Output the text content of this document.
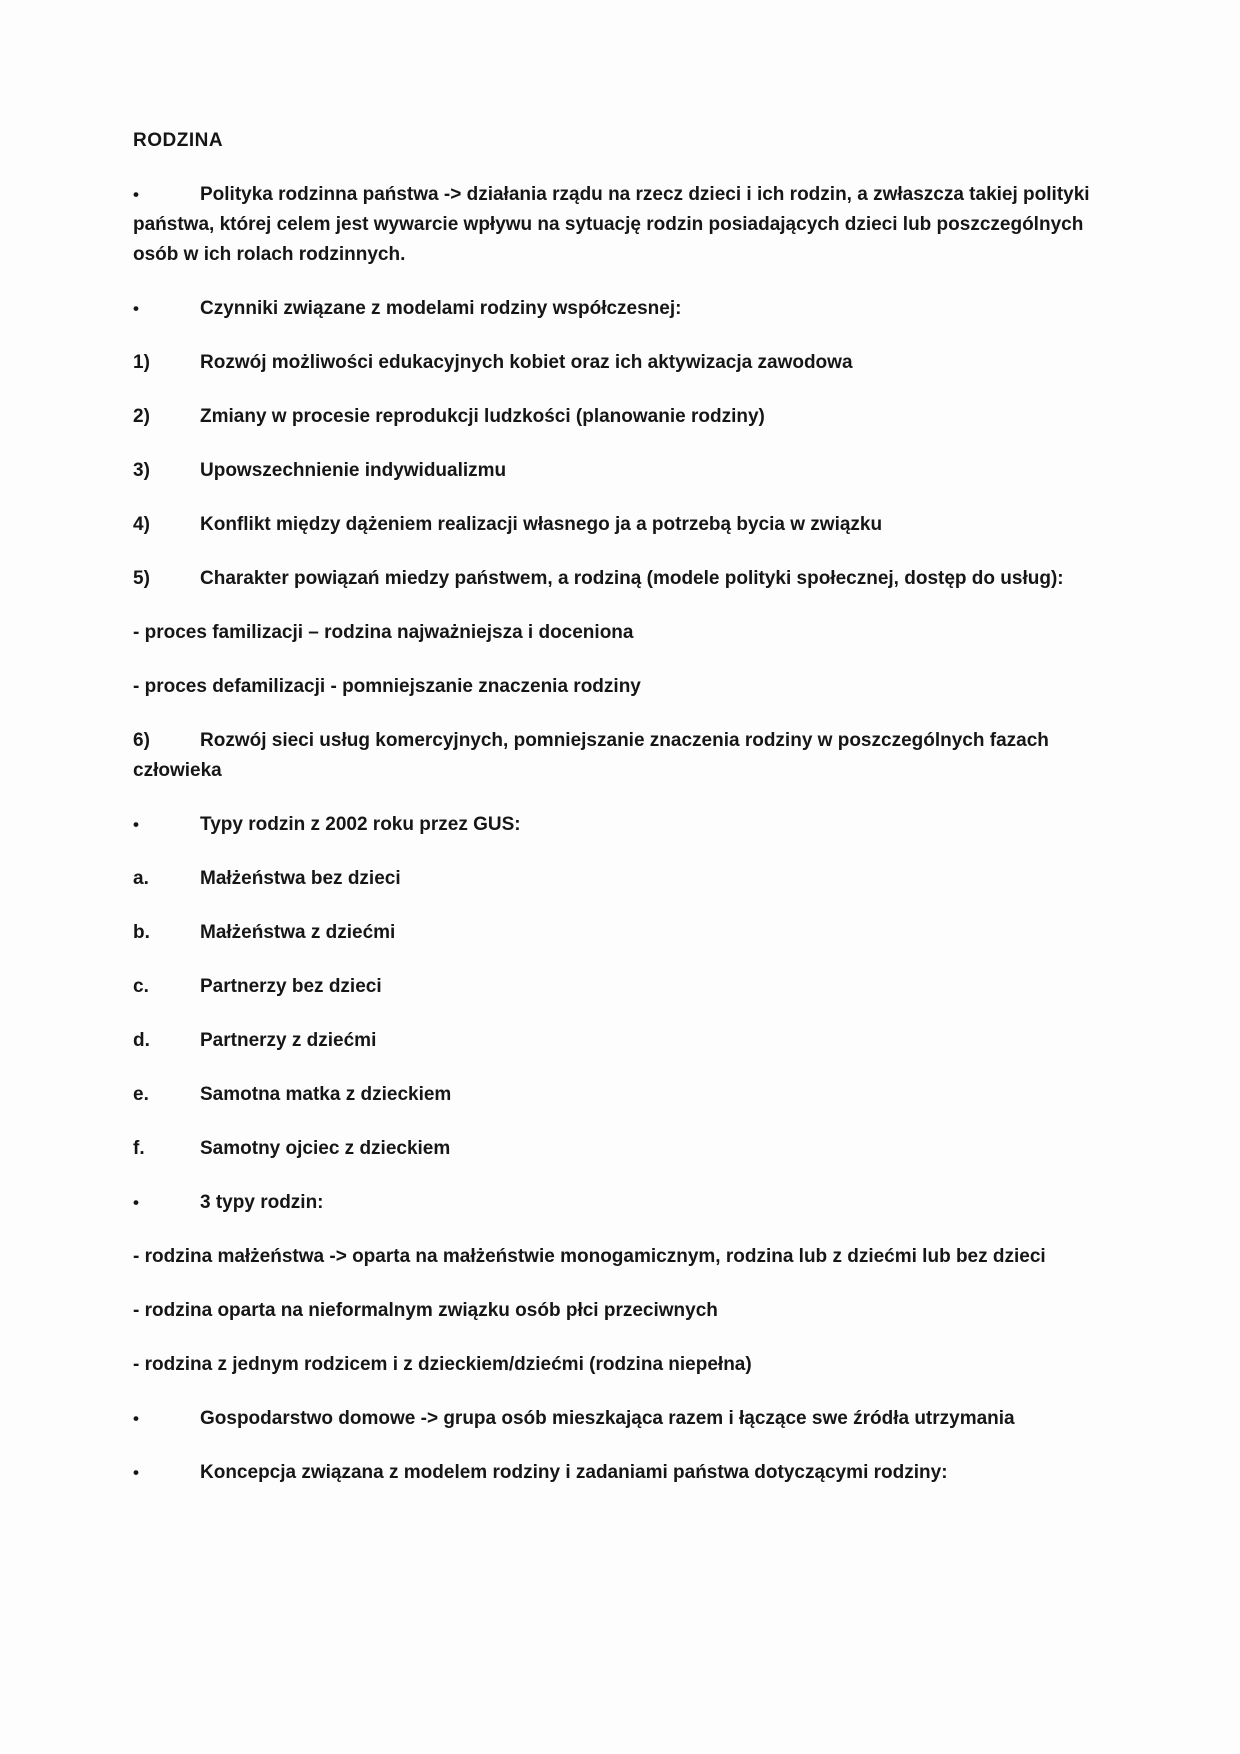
RODZINA
•	Polityka rodzinna państwa -> działania rządu na rzecz dzieci i ich rodzin, a zwłaszcza takiej polityki państwa, której celem jest wywarcie wpływu na sytuację rodzin posiadających dzieci lub poszczególnych osób w ich rolach rodzinnych.
•	Czynniki związane z modelami rodziny współczesnej:
1)	Rozwój możliwości edukacyjnych kobiet oraz ich aktywizacja zawodowa
2)	Zmiany w procesie reprodukcji ludzkości (planowanie rodziny)
3)	Upowszechnienie indywidualizmu
4)	Konflikt między dążeniem realizacji własnego ja a potrzebą bycia w związku
5)	Charakter powiązań miedzy państwem, a rodziną (modele polityki społecznej, dostęp do usług):
- proces familizacji – rodzina najważniejsza i doceniona
- proces defamilizacji - pomniejszanie znaczenia rodziny
6)	Rozwój sieci usług komercyjnych, pomniejszanie znaczenia rodziny w poszczególnych fazach człowieka
•	Typy rodzin z 2002 roku przez GUS:
a.	Małżeństwa bez dzieci
b.	Małżeństwa z dziećmi
c.	Partnerzy bez dzieci
d.	Partnerzy z dziećmi
e.	Samotna matka z dzieckiem
f.	Samotny ojciec z dzieckiem
•	3 typy rodzin:
- rodzina małżeństwa -> oparta na małżeństwie monogamicznym, rodzina lub z dziećmi lub bez dzieci
- rodzina oparta na nieformalnym związku osób płci przeciwnych
- rodzina z jednym rodzicem i z dzieckiem/dziećmi (rodzina niepełna)
•	Gospodarstwo domowe -> grupa osób mieszkająca razem i łączące swe źródła utrzymania
•	Koncepcja związana z modelem rodziny i zadaniami państwa dotyczącymi rodziny:
